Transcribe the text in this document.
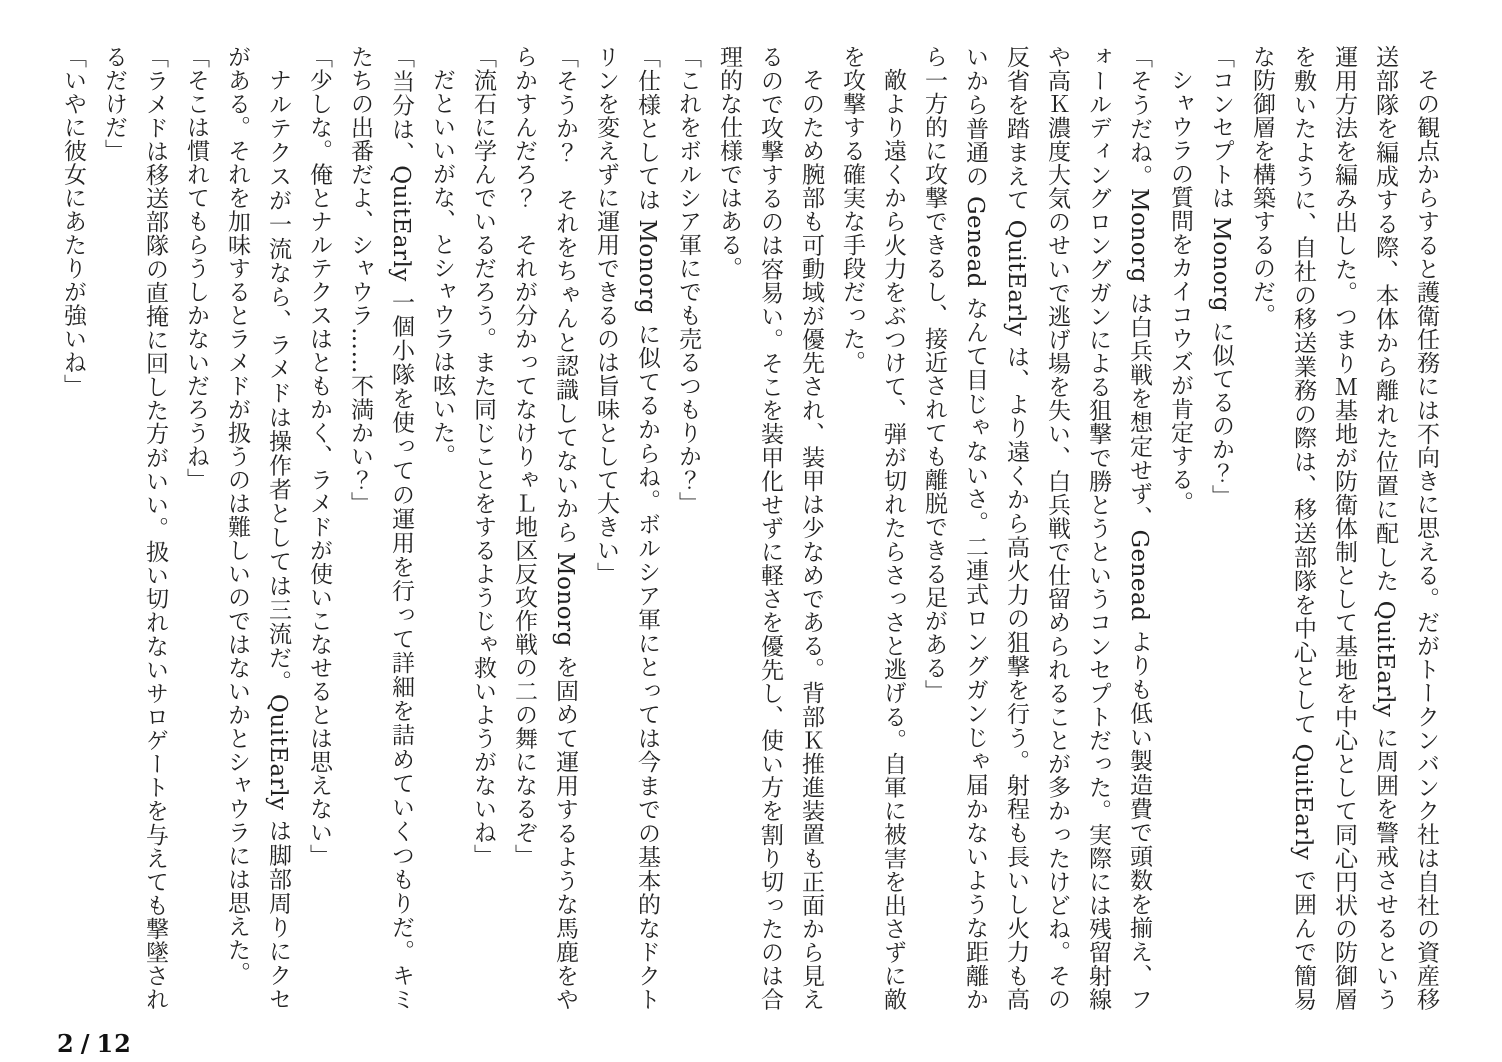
その観点からすると護衛任務には不向きに思える。だがトークンバンク社は自社の資産移送部隊を編成する際、本体から離れた位置に配した QuitEarly に周囲を警戒させるという運用方法を編み出した。つまりＭ基地が防衛体制として基地を中心として同心円状の防御層を敷いたように、自社の移送業務の際は、移送部隊を中心として QuitEarly で囲んで簡易な防御層を構築するのだ。

「コンセプトは Monorg に似てるのか？」

シャウラの質問をカイコウズが肯定する。

「そうだね。Monorg は白兵戦を想定せず、Genead よりも低い製造費で頭数を揃え、フォールディングロングガンによる狙撃で勝とうというコンセプトだった。実際には残留射線や高Ｋ濃度大気のせいで逃げ場を失い、白兵戦で仕留められることが多かったけどね。その反省を踏まえて QuitEarly は、より遠くから高火力の狙撃を行う。射程も長いし火力も高いから普通の Genead なんて目じゃないさ。二連式ロングガンじゃ届かないような距離から一方的に攻撃できるし、接近されても離脱できる足がある」

敵より遠くから火力をぶつけて、弾が切れたらさっさと逃げる。自軍に被害を出さずに敵を攻撃する確実な手段だった。

そのため腕部も可動域が優先され、装甲は少なめである。背部Ｋ推進装置も正面から見えるので攻撃するのは容易い。そこを装甲化せずに軽さを優先し、使い方を割り切ったのは合理的な仕様ではある。

「これをボルシア軍にでも売るつもりか？」

「仕様としては Monorg に似てるからね。ボルシア軍にとっては今までの基本的なドクトリンを変えずに運用できるのは旨味として大きい」

「そうか？　それをちゃんと認識してないから Monorg を固めて運用するような馬鹿をやらかすんだろ？　それが分かってなけりゃＬ地区反攻作戦の二の舞になるぞ」

「流石に学んでいるだろう。また同じことをするようじゃ救いようがないね」

だといいがな、とシャウラは呟いた。

「当分は、QuitEarly 一個小隊を使っての運用を行って詳細を詰めていくつもりだ。キミたちの出番だよ、シャウラ……不満かい？」

「少しな。俺とナルテクスはともかく、ラメドが使いこなせるとは思えない」

ナルテクスが一流なら、ラメドは操作者としては三流だ。QuitEarly は脚部周りにクセがある。それを加味するとラメドが扱うのは難しいのではないかとシャウラには思えた。

「そこは慣れてもらうしかないだろうね」

「ラメドは移送部隊の直掩に回した方がいい。扱い切れないサロゲートを与えても撃墜されるだけだ」

「いやに彼女にあたりが強いね」

2 / 12
